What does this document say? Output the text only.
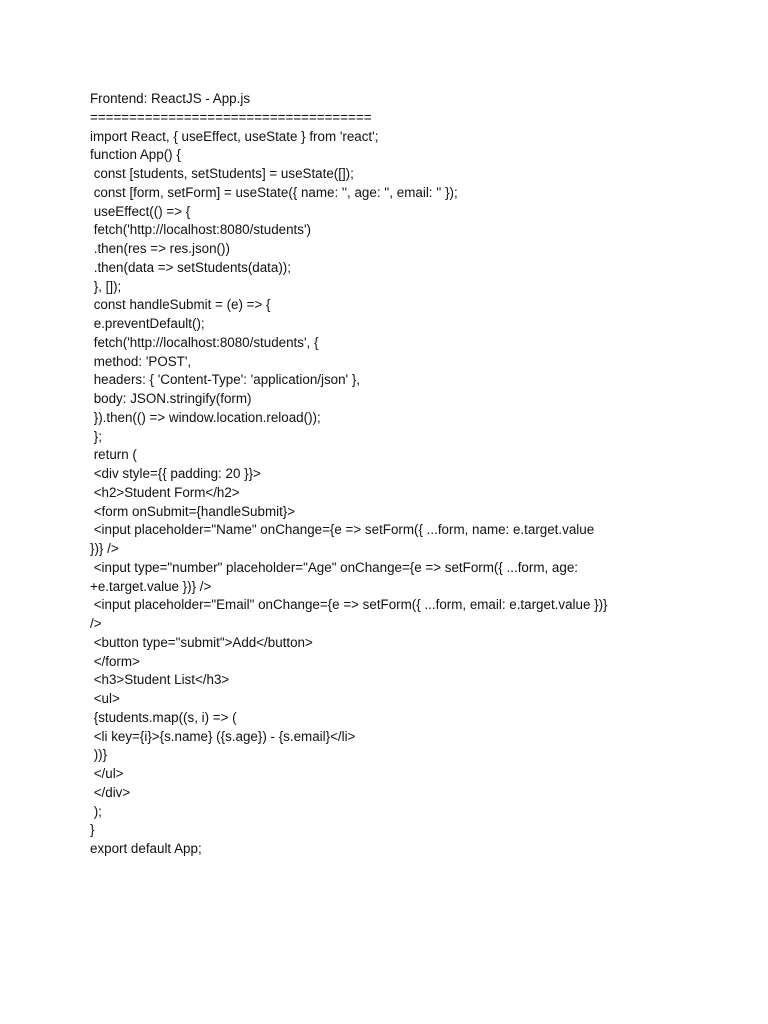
Frontend: ReactJS - App.js
====================================
import React, { useEffect, useState } from 'react';
function App() {
const [students, setStudents] = useState([]);
const [form, setForm] = useState({ name: '', age: '', email: '' });
useEffect(() => {
fetch('http://localhost:8080/students')
.then(res => res.json())
.then(data => setStudents(data));
}, []);
const handleSubmit = (e) => {
e.preventDefault();
fetch('http://localhost:8080/students', {
method: 'POST',
headers: { 'Content-Type': 'application/json' },
body: JSON.stringify(form)
}).then(() => window.location.reload());
};
return (
<div style={{ padding: 20 }}>
<h2>Student Form</h2>
<form onSubmit={handleSubmit}>
<input placeholder="Name" onChange={e => setForm({ ...form, name: e.target.value
})} />
<input type="number" placeholder="Age" onChange={e => setForm({ ...form, age:
+e.target.value })} />
<input placeholder="Email" onChange={e => setForm({ ...form, email: e.target.value })}
/>
<button type="submit">Add</button>
</form>
<h3>Student List</h3>
<ul>
{students.map((s, i) => (
<li key={i}>{s.name} ({s.age}) - {s.email}</li>
))}
</ul>
</div>
);
}
export default App;
